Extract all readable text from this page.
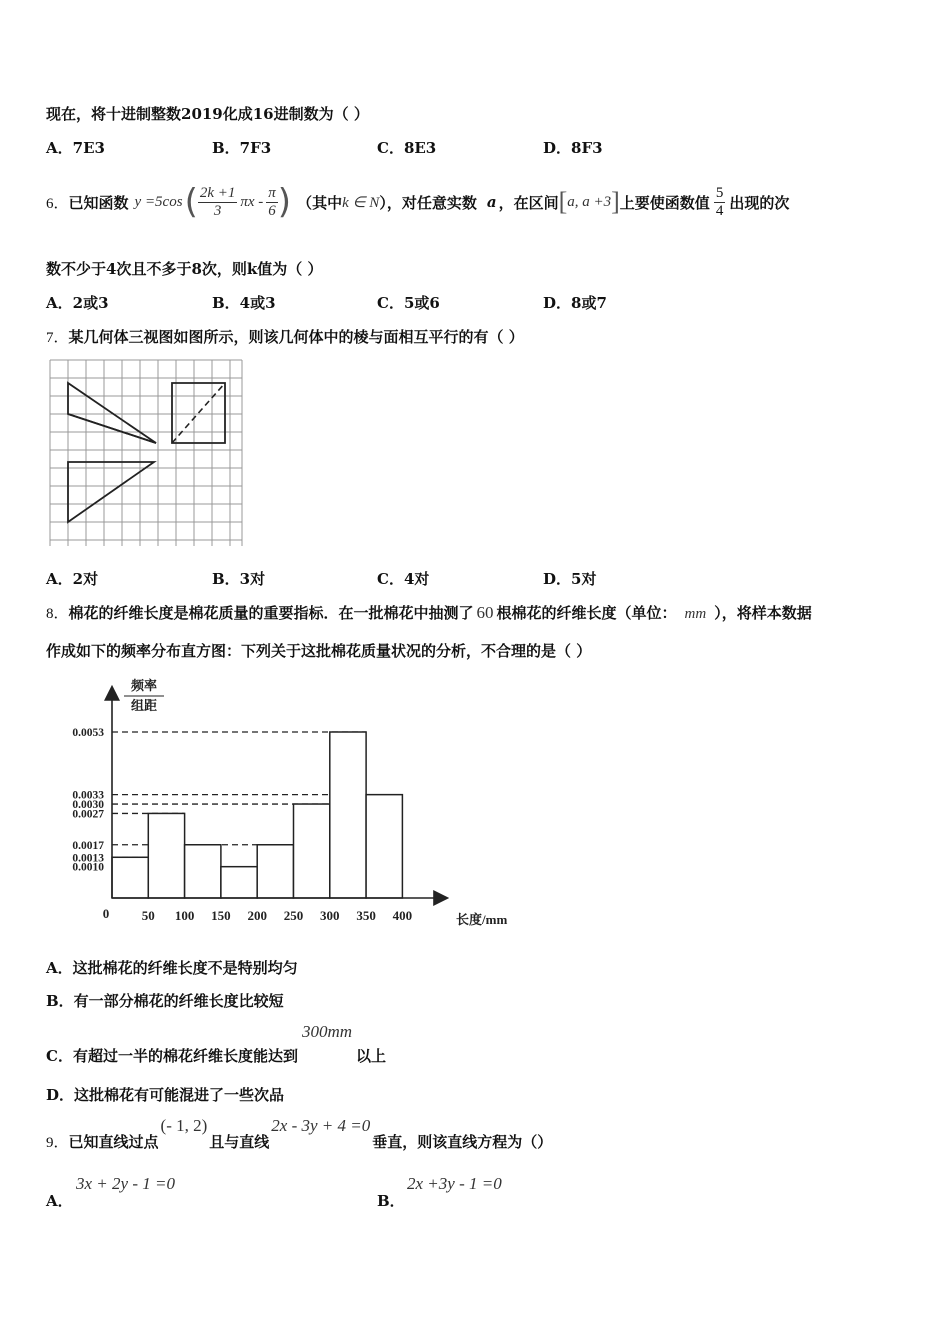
现在，将十进制整数2019化成16进制数为（ ）
A．7E3	B．7F3	C．8E3	D．8F3
6． 已知函数 y =5cos ( $\frac{2k +1}{3}$ πx - $\frac{\pi}{6}$ ) （其中 k ∈ N ），对任意实数 a ，在区间 [ a, a +3 ] 上要使函数值 $\frac{5}{4}$ 出现的次
数不少于4次且不多于8次，则k值为（ ）
A．2或3	B．4或3	C．5或6	D．8或7
7．某几何体三视图如图所示，则该几何体中的棱与面相互平行的有（ ）
A．2对	B．3对	C．4对	D．5对
8．棉花的纤维长度是棉花质量的重要指标．在一批棉花中抽测了 60 根棉花的纤维长度（单位： mm ），将样本数据
作成如下的频率分布直方图：下列关于这批棉花质量状况的分析，不合理的是（ ）
频率
组距
0.0053
0.0033
0.0030
0.0027
0.0017
0.0013
0.0010
50 100 150 200 250 300 350 400
0	长度/mm
A．这批棉花的纤维长度不是特别均匀
B．有一部分棉花的纤维长度比较短
C．有超过一半的棉花纤维长度能达到
300mm
以上
D．这批棉花有可能混进了一些次品
9． 已知直线过点
(- 1, 2)
且与直线
2x - 3y + 4 =0
垂直，则该直线方程为（）
A．
3x + 2y - 1 =0
B．
2x +3y - 1 =0
